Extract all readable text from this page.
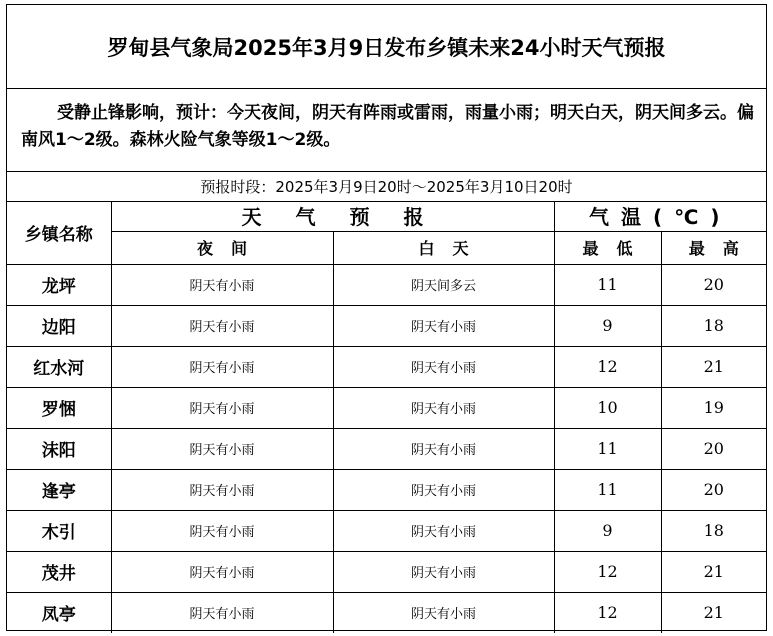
罗甸县气象局2025年3月9日发布乡镇未来24小时天气预报
受静止锋影响，预计：今天夜间，阴天有阵雨或雷雨，雨量小雨；明天白天，阴天间多云。偏南风1～2级。森林火险气象等级1～2级。
预报时段：2025年3月9日20时～2025年3月10日20时
乡镇名称	天气预报		气温(℃)	
	夜间	白天	最低	最高
龙坪	阴天有小雨	阴天间多云	11	20
边阳	阴天有小雨	阴天有小雨	9	18
红水河	阴天有小雨	阴天有小雨	12	21
罗悃	阴天有小雨	阴天有小雨	10	19
沫阳	阴天有小雨	阴天有小雨	11	20
逢亭	阴天有小雨	阴天有小雨	11	20
木引	阴天有小雨	阴天有小雨	9	18
茂井	阴天有小雨	阴天有小雨	12	21
凤亭	阴天有小雨	阴天有小雨	12	21
